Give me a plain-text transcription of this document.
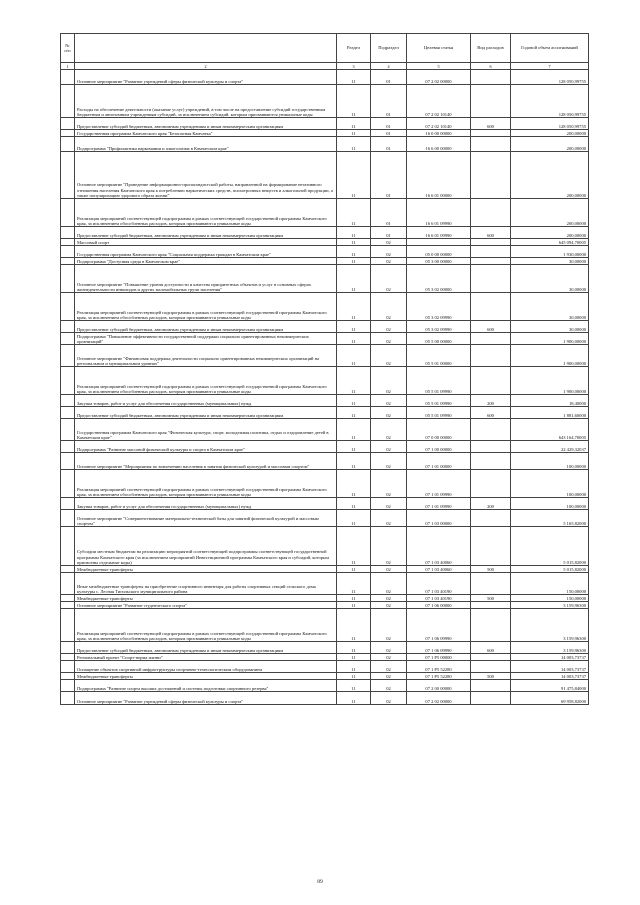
№ п/п		Раздел	Подраздел	Целевая статья	Вид расходов	Годовой объем ассигнований
1	2	3	4	5	6	7
	Основное мероприятие "Развитие учреждений сферы физической культуры и спорта"	11	01	07 2 02 00000		128 050,99755
	Расходы на обеспечение деятельности (оказание услуг) учреждений, в том числе на предоставление субсидий государственным бюджетным и автономным учреждениям субсидий, за исключением субсидий, которым присваиваются уникальные коды	11	01	07 2 02 10140		128 050,99755
	Предоставление субсидий бюджетным, автономным учреждениям и иным некоммерческим организациям	11	01	07 2 02 10140	600	128 050,99755
	Государственная программа Камчатского края "Безопасная Камчатка"	11	01	16 0 00 00000		200,00000
	Подпрограмма "Профилактика наркомании и алкоголизма в Камчатском крае"	11	01	16 6 00 00000		200,00000
	Основное мероприятие "Проведение информационно-пропагандистской работы, направленной на формирование негативного отношения населения Камчатского края к потреблению наркотических средств, психотропных веществ и алкогольной продукции, а также популяризацию здорового образа жизни"	11	01	16 6 01 00000		200,00000
	Реализация мероприятий соответствующей подпрограммы в рамках соответствующей государственной программы Камчатского края, за исключением обособленных расходов, которым присваиваются уникальные коды	11	01	16 6 01 09990		200,00000
	Предоставление субсидий бюджетным, автономным учреждениям и иным некоммерческим организациям	11	01	16 6 01 09990	600	200,00000
	Массовый спорт	11	02			645 094,70005
	Государственная программа Камчатского края "Социальная поддержка граждан в Камчатском крае"	11	02	05 0 00 00000		1 930,00000
	Подпрограмма "Доступная среда в Камчатском крае"	11	02	05 3 00 00000		30,00000
	Основное мероприятие "Повышение уровня доступности и качества приоритетных объектов и услуг в основных сферах жизнедеятельности инвалидов и других маломобильных групп населения"	11	02	05 3 02 00000		30,00000
	Реализация мероприятий соответствующей подпрограммы в рамках соответствующей государственной программы Камчатского края, за исключением обособленных расходов, которым присваиваются уникальные коды	11	02	05 3 02 09990		30,00000
	Предоставление субсидий бюджетным, автономным учреждениям и иным некоммерческим организациям	11	02	05 3 02 09990	600	30,00000
	Подпрограмма "Повышение эффективности государственной поддержки социально ориентированных некоммерческих организаций"	11	02	05 5 00 00000		1 900,00000
	Основное мероприятие "Финансовая поддержка деятельности социально ориентированных некоммерческих организаций на региональном и муниципальном уровнях"	11	02	05 5 01 00000		1 900,00000
	Реализация мероприятий соответствующей подпрограммы в рамках соответствующей государственной программы Камчатского края, за исключением обособленных расходов, которым присваиваются уникальные коды	11	02	05 5 01 09990		1 900,00000
	Закупка товаров, работ и услуг для обеспечения государственных (муниципальных) нужд	11	02	05 5 01 09990	200	18,40000
	Предоставление субсидий бюджетным, автономным учреждениям и иным некоммерческим организациям	11	02	05 5 01 09990	600	1 881,60000
	Государственная программа Камчатского края "Физическая культура, спорт, молодежная политика, отдых и оздоровление детей в Камчатском крае"	11	02	07 0 00 00000		643 164,70005
	Подпрограмма "Развитие массовой физической культуры и спорта в Камчатском крае"	11	02	07 1 00 00000		22 429,32037
	Основное мероприятие "Мероприятия по вовлечению населения в занятия физической культурой и массовым спортом"	11	02	07 1 01 00000		100,00000
	Реализация мероприятий соответствующей подпрограммы в рамках соответствующей государственной программы Камчатского края, за исключением обособленных расходов, которым присваиваются уникальные коды	11	02	07 1 01 09990		100,00000
	Закупка товаров, работ и услуг для обеспечения государственных (муниципальных) нужд	11	02	07 1 01 09990	200	100,00000
	Основное мероприятие "Совершенствование материально-технической базы для занятий физической культурой и массовым спортом"	11	02	07 1 03 00000		5 165,82000
	Субсидии местным бюджетам на реализацию мероприятий соответствующей подпрограммы соответствующей государственной программы Камчатского края (за исключением мероприятий Инвестиционной программы Камчатского края и субсидий, которым присвоены отдельные коды)	11	02	07 1 03 40060		5 015,82000
	Межбюджетные трансферты	11	02	07 1 03 40060	500	5 015,82000
	Иные межбюджетные трансферты на приобретение спортивного инвентаря для работы спортивных секций сельского дома культуры с. Лесная Тигильского муниципального района	11	02	07 1 03 40190		150,00000
	Межбюджетные трансферты	11	02	07 1 03 40190	500	150,00000
	Основное мероприятие "Развитие студенческого спорта"	11	02	07 1 06 00000		3 159,96300
	Реализация мероприятий соответствующей подпрограммы в рамках соответствующей государственной программы Камчатского края, за исключением обособленных расходов, которым присваиваются уникальные коды	11	02	07 1 06 09990		3 159,96300
	Предоставление субсидий бюджетным, автономным учреждениям и иным некоммерческим организациям	11	02	07 1 06 09990	600	3 159,96300
	Региональный проект "Спорт-норма жизни"	11	02	07 1 P5 00000		14 003,73737
	Оснащение объектов спортивной инфраструктуры спортивно-технологическим оборудованием	11	02	07 1 P5 52280		14 003,73737
	Межбюджетные трансферты	11	02	07 1 P5 52280	500	14 003,73737
	Подпрограмма "Развитие спорта высших достижений и системы подготовки спортивного резерва"	11	02	07 2 00 00000		91 475,84000
	Основное мероприятие "Развитие учреждений сферы физической культуры и спорта"	11	02	07 2 02 00000		69 958,82000
89
